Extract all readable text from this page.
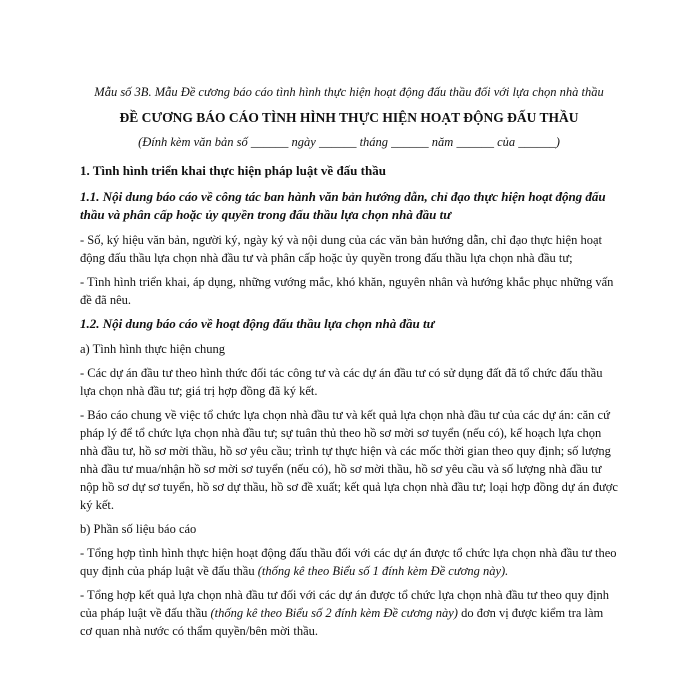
Mẫu số 3B. Mẫu Đề cương báo cáo tình hình thực hiện hoạt động đấu thầu đối với lựa chọn nhà thầu

ĐỀ CƯƠNG BÁO CÁO TÌNH HÌNH THỰC HIỆN HOẠT ĐỘNG ĐẤU THẦU

(Đính kèm văn bản số ______ ngày ______ tháng ______ năm ______ của ______)

1. Tình hình triển khai thực hiện pháp luật về đấu thầu

1.1. Nội dung báo cáo về công tác ban hành văn bản hướng dẫn, chỉ đạo thực hiện hoạt động đấu thầu và phân cấp hoặc ủy quyền trong đấu thầu lựa chọn nhà đầu tư

- Số, ký hiệu văn bản, người ký, ngày ký và nội dung của các văn bản hướng dẫn, chỉ đạo thực hiện hoạt động đấu thầu lựa chọn nhà đầu tư và phân cấp hoặc ủy quyền trong đấu thầu lựa chọn nhà đầu tư;

- Tình hình triển khai, áp dụng, những vướng mắc, khó khăn, nguyên nhân và hướng khắc phục những vấn đề đã nêu.

1.2. Nội dung báo cáo về hoạt động đấu thầu lựa chọn nhà đầu tư

a) Tình hình thực hiện chung

- Các dự án đầu tư theo hình thức đối tác công tư và các dự án đầu tư có sử dụng đất đã tổ chức đấu thầu lựa chọn nhà đầu tư; giá trị hợp đồng đã ký kết.

- Báo cáo chung về việc tổ chức lựa chọn nhà đầu tư và kết quả lựa chọn nhà đầu tư của các dự án: căn cứ pháp lý để tổ chức lựa chọn nhà đầu tư; sự tuân thủ theo hồ sơ mời sơ tuyển (nếu có), kế hoạch lựa chọn nhà đầu tư, hồ sơ mời thầu, hồ sơ yêu cầu; trình tự thực hiện và các mốc thời gian theo quy định; số lượng nhà đầu tư mua/nhận hồ sơ mời sơ tuyển (nếu có), hồ sơ mời thầu, hồ sơ yêu cầu và số lượng nhà đầu tư nộp hồ sơ dự sơ tuyển, hồ sơ dự thầu, hồ sơ đề xuất; kết quả lựa chọn nhà đầu tư; loại hợp đồng dự án được ký kết.

b) Phần số liệu báo cáo

- Tổng hợp tình hình thực hiện hoạt động đấu thầu đối với các dự án được tổ chức lựa chọn nhà đầu tư theo quy định của pháp luật về đấu thầu (thống kê theo Biểu số 1 đính kèm Đề cương này).

- Tổng hợp kết quả lựa chọn nhà đầu tư đối với các dự án được tổ chức lựa chọn nhà đầu tư theo quy định của pháp luật về đấu thầu (thống kê theo Biểu số 2 đính kèm Đề cương này) do đơn vị được kiểm tra làm cơ quan nhà nước có thẩm quyền/bên mời thầu.
